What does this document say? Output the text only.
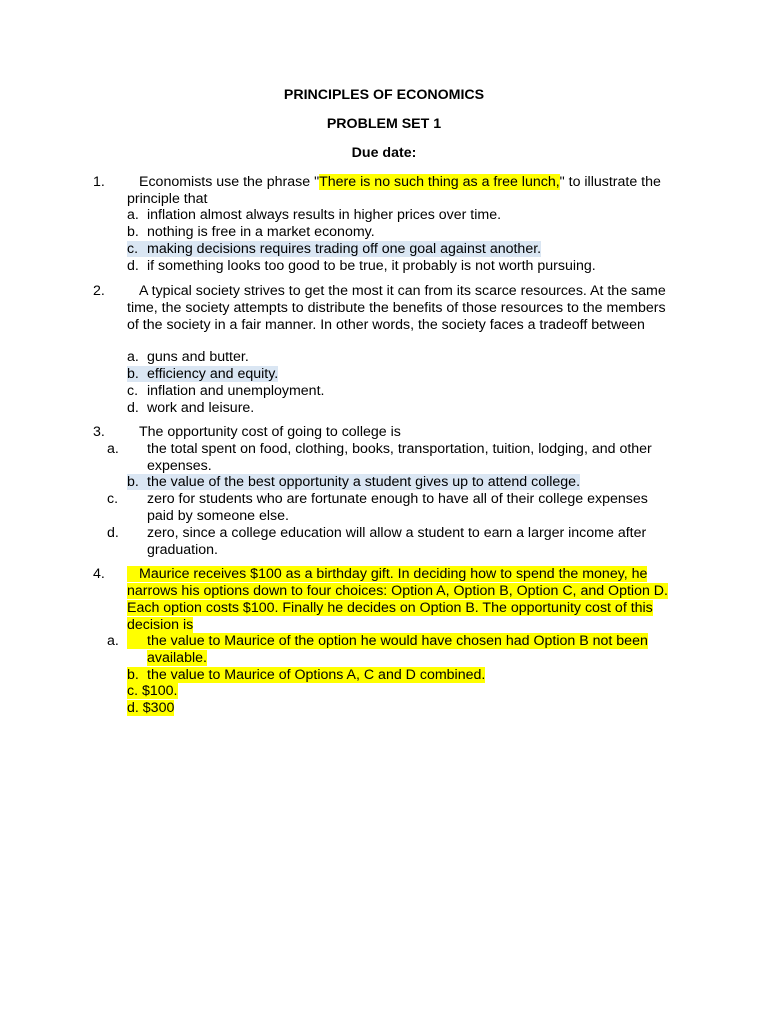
PRINCIPLES OF ECONOMICS
PROBLEM SET 1
Due date:
1.	Economists use the phrase "There is no such thing as a free lunch," to illustrate the principle that
a. inflation almost always results in higher prices over time.
b. nothing is free in a market economy.
c. making decisions requires trading off one goal against another.
d. if something looks too good to be true, it probably is not worth pursuing.
2.	A typical society strives to get the most it can from its scarce resources. At the same time, the society attempts to distribute the benefits of those resources to the members of the society in a fair manner. In other words, the society faces a tradeoff between
a. guns and butter.
b. efficiency and equity.
c. inflation and unemployment.
d. work and leisure.
3.	The opportunity cost of going to college is
a. the total spent on food, clothing, books, transportation, tuition, lodging, and other expenses.
b. the value of the best opportunity a student gives up to attend college.
c. zero for students who are fortunate enough to have all of their college expenses paid by someone else.
d. zero, since a college education will allow a student to earn a larger income after graduation.
4.	Maurice receives $100 as a birthday gift. In deciding how to spend the money, he narrows his options down to four choices: Option A, Option B, Option C, and Option D. Each option costs $100. Finally he decides on Option B. The opportunity cost of this decision is
a. the value to Maurice of the option he would have chosen had Option B not been available.
b. the value to Maurice of Options A, C and D combined.
c. $100.
d. $300
